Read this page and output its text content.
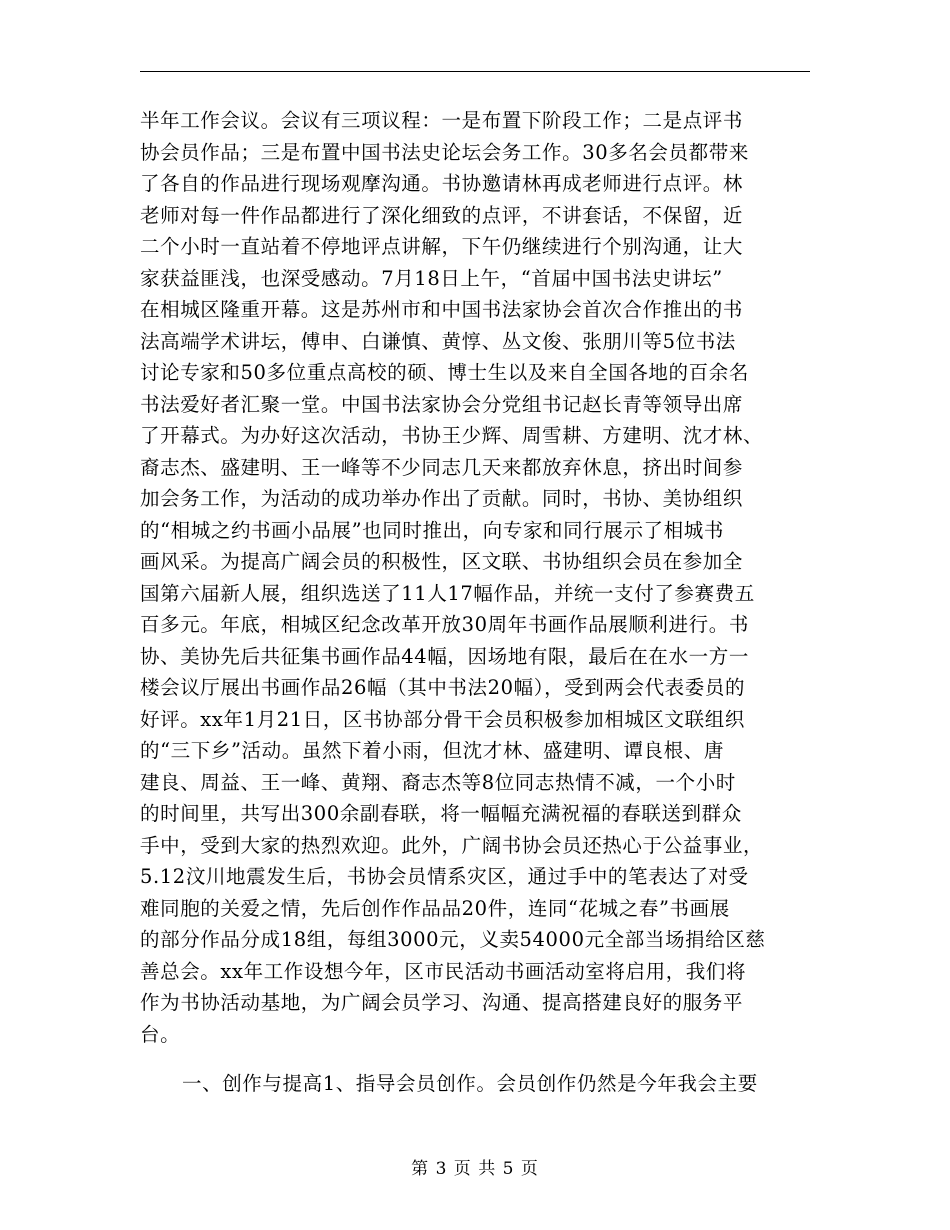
半年工作会议。会议有三项议程：一是布置下阶段工作；二是点评书
协会员作品；三是布置中国书法史论坛会务工作。30多名会员都带来
了各自的作品进行现场观摩沟通。书协邀请林再成老师进行点评。林
老师对每一件作品都进行了深化细致的点评，不讲套话，不保留，近
二个小时一直站着不停地评点讲解，下午仍继续进行个别沟通，让大
家获益匪浅，也深受感动。7月18日上午，“首届中国书法史讲坛”
在相城区隆重开幕。这是苏州市和中国书法家协会首次合作推出的书
法高端学术讲坛，傅申、白谦慎、黄惇、丛文俊、张朋川等5位书法
讨论专家和50多位重点高校的硕、博士生以及来自全国各地的百余名
书法爱好者汇聚一堂。中国书法家协会分党组书记赵长青等领导出席
了开幕式。为办好这次活动，书协王少辉、周雪耕、方建明、沈才林、
裔志杰、盛建明、王一峰等不少同志几天来都放弃休息，挤出时间参
加会务工作，为活动的成功举办作出了贡献。同时，书协、美协组织
的“相城之约书画小品展”也同时推出，向专家和同行展示了相城书
画风采。为提高广阔会员的积极性，区文联、书协组织会员在参加全
国第六届新人展，组织选送了11人17幅作品，并统一支付了参赛费五
百多元。年底，相城区纪念改革开放30周年书画作品展顺利进行。书
协、美协先后共征集书画作品44幅，因场地有限，最后在在水一方一
楼会议厅展出书画作品26幅（其中书法20幅），受到两会代表委员的
好评。xx年1月21日，区书协部分骨干会员积极参加相城区文联组织
的“三下乡”活动。虽然下着小雨，但沈才林、盛建明、谭良根、唐
建良、周益、王一峰、黄翔、裔志杰等8位同志热情不减，一个小时
的时间里，共写出300余副春联，将一幅幅充满祝福的春联送到群众
手中，受到大家的热烈欢迎。此外，广阔书协会员还热心于公益事业，
5.12汶川地震发生后，书协会员情系灾区，通过手中的笔表达了对受
难同胞的关爱之情，先后创作作品品20件，连同“花城之春”书画展
的部分作品分成18组，每组3000元，义卖54000元全部当场捐给区慈
善总会。xx年工作设想今年，区市民活动书画活动室将启用，我们将
作为书协活动基地，为广阔会员学习、沟通、提高搭建良好的服务平
台。
一、创作与提高1、指导会员创作。会员创作仍然是今年我会主要
第 3 页 共 5 页
